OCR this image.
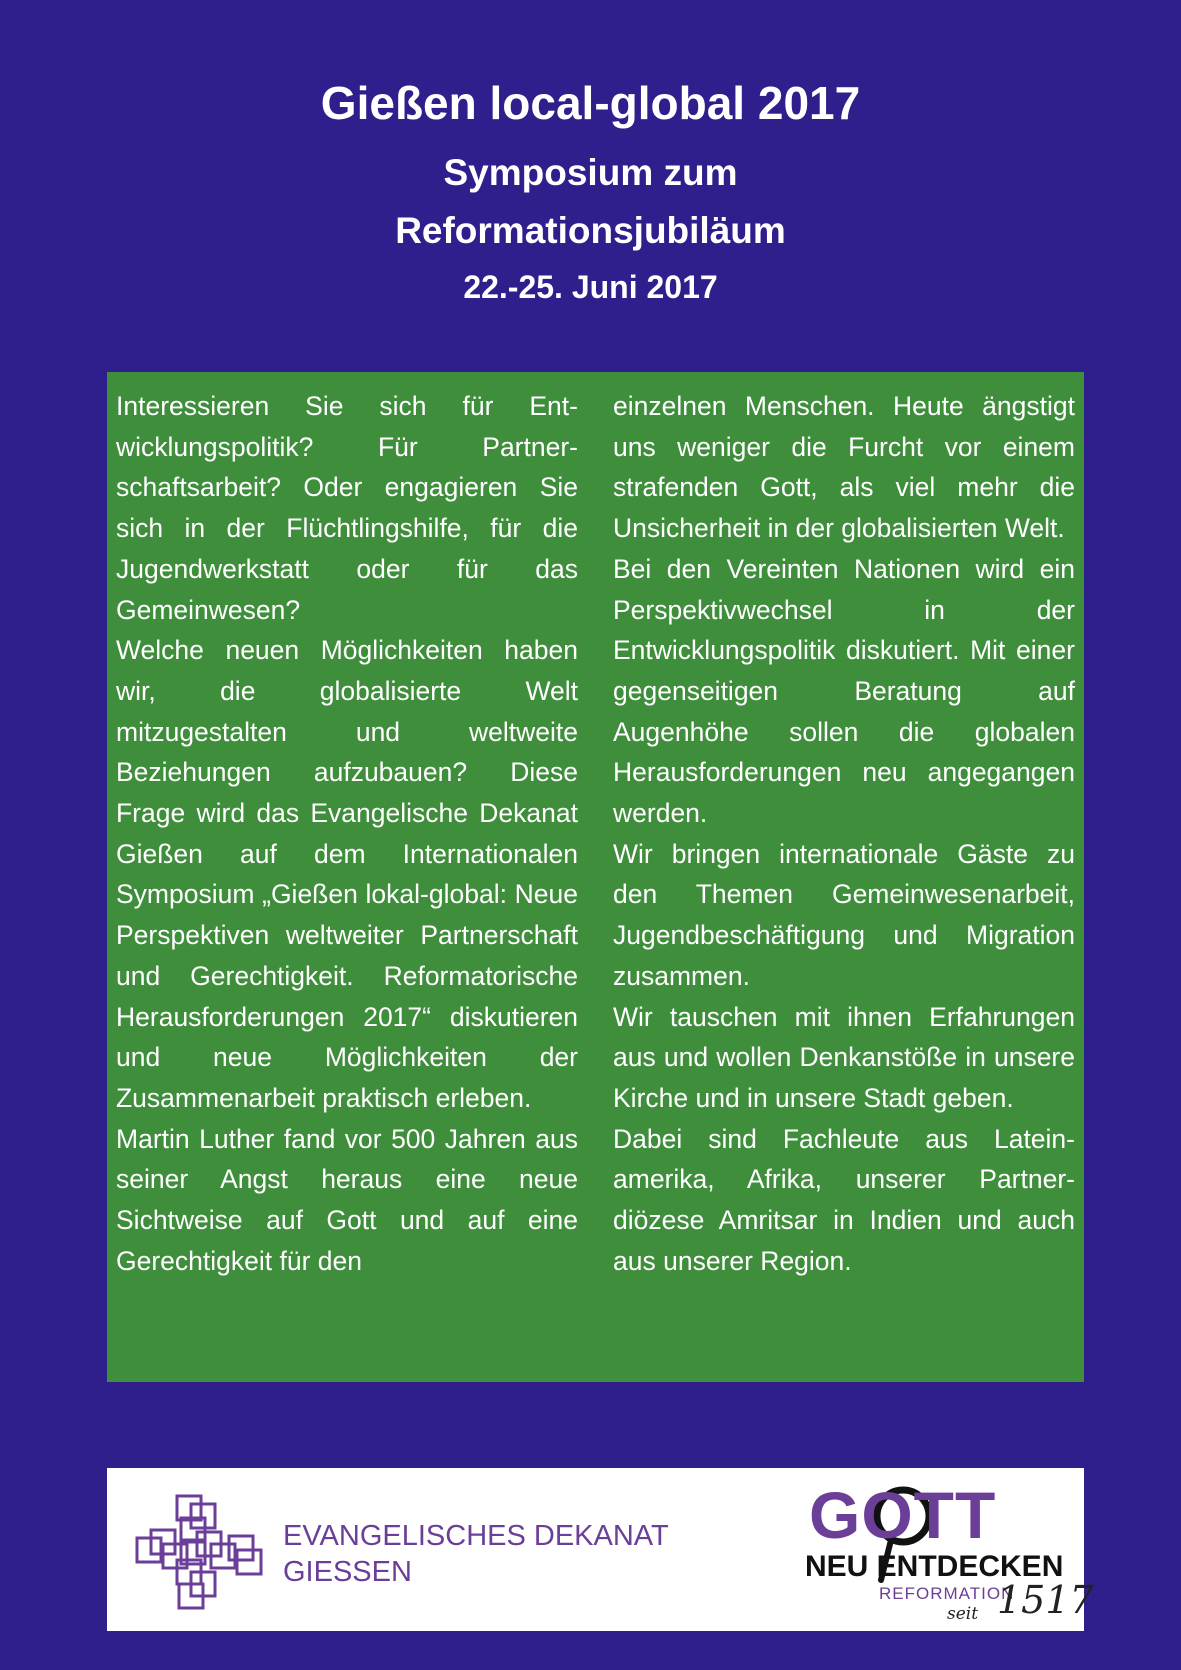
Gießen local-global 2017
Symposium zum
Reformationsjubiläum
22.-25. Juni 2017

Interessieren Sie sich für Entwicklungspolitik? Für Partnerschaftsarbeit? Oder engagieren Sie sich in der Flüchtlingshilfe, für die Jugendwerkstatt oder für das Gemeinwesen?

Welche neuen Möglichkeiten haben wir, die globalisierte Welt mitzugestalten und weltweite Beziehungen aufzubauen? Diese Frage wird das Evangelische Dekanat Gießen auf dem Internationalen Symposium „Gießen lokal-global: Neue Perspektiven weltweiter Partnerschaft und Gerechtigkeit. Reformatorische Herausforderungen 2017“ diskutieren und neue Möglichkeiten der Zusammenarbeit praktisch erleben.

Martin Luther fand vor 500 Jahren aus seiner Angst heraus eine neue Sichtweise auf Gott und auf eine Gerechtigkeit für den

einzelnen Menschen. Heute ängstigt uns weniger die Furcht vor einem strafenden Gott, als viel mehr die Unsicherheit in der globalisierten Welt.

Bei den Vereinten Nationen wird ein Perspektivwechsel in der Entwicklungspolitik diskutiert. Mit einer gegenseitigen Beratung auf Augenhöhe sollen die globalen Herausforderungen neu angegangen werden.

Wir bringen internationale Gäste zu den Themen Gemeinwesenarbeit, Jugendbeschäftigung und Migration zusammen.

Wir tauschen mit ihnen Erfahrungen aus und wollen Denkanstöße in unsere Kirche und in unsere Stadt geben.

Dabei sind Fachleute aus Lateinamerika, Afrika, unserer Partnerdiözese Amritsar in Indien und auch aus unserer Region.

EVANGELISCHES DEKANAT
GIESSEN
GOTT
NEU ENTDECKEN
REFORMATION
seit 1517
